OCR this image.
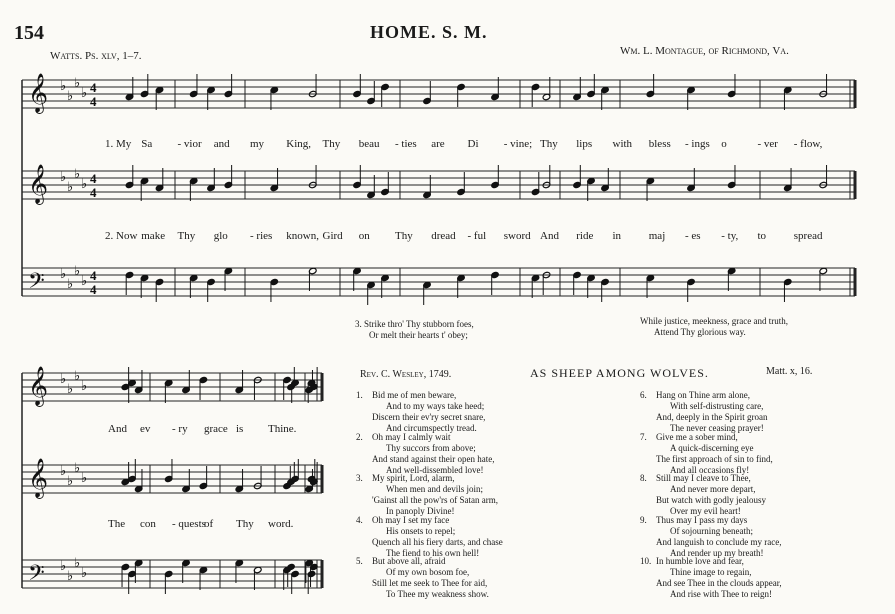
154	HOME. S. M.
Watts. Ps. xlv, 1–7.	Wm. L. Montague, of Richmond, Va.
𝄞 ♭
♭
♭
♭ 4
4
𝄞 ♭
♭
♭
♭ 4
4
𝄢 ♭
♭
♭
♭ 4
4
𝄞 ♭
♭
♭
♭
𝄞 ♭
♭
♭
♭
𝄢 ♭
♭
♭
♭
1. My Sa - vior and my King, Thy beau - ties are Di - vine; Thy lips with bless - ings o	- ver - flow,
2. Now make Thy glo - ries known, Gird on Thy dread - ful sword And ride in	maj - es - ty, to	spread
And ev - ry grace is Thine.
The con - quests
of Thy word.
3. Strike thro' Thy stubborn foes,
Or melt their hearts t' obey;
While justice, meekness, grace and truth,
Attend Thy glorious way.
Rev. C. Wesley, 1749.	AS SHEEP AMONG WOLVES.	Matt. x, 16.
1. Bid me of men beware,
And to my ways take heed;
Discern their ev'ry secret snare,
And circumspectly tread.
2. Oh may I calmly wait
Thy succors from above;
And stand against their open hate,
And well-dissembled love!
3. My spirit, Lord, alarm,
When men and devils join;
'Gainst all the pow'rs of Satan arm,
In panoply Divine!
4. Oh may I set my face
His onsets to repel;
Quench all his fiery darts, and chase
The fiend to his own hell!
5. But above all, afraid
Of my own bosom foe,
Still let me seek to Thee for aid,
To Thee my weakness show.
6. Hang on Thine arm alone,
With self-distrusting care,
And, deeply in the Spirit groan
The never ceasing prayer!
7. Give me a sober mind,
A quick-discerning eye
The first approach of sin to find,
And all occasions fly!
8. Still may I cleave to Thee,
And never more depart,
But watch with godly jealousy
Over my evil heart!
9. Thus may I pass my days
Of sojourning beneath;
And languish to conclude my race,
And render up my breath!
10. In humble love and fear,
Thine image to regain,
And see Thee in the clouds appear,
And rise with Thee to reign!
